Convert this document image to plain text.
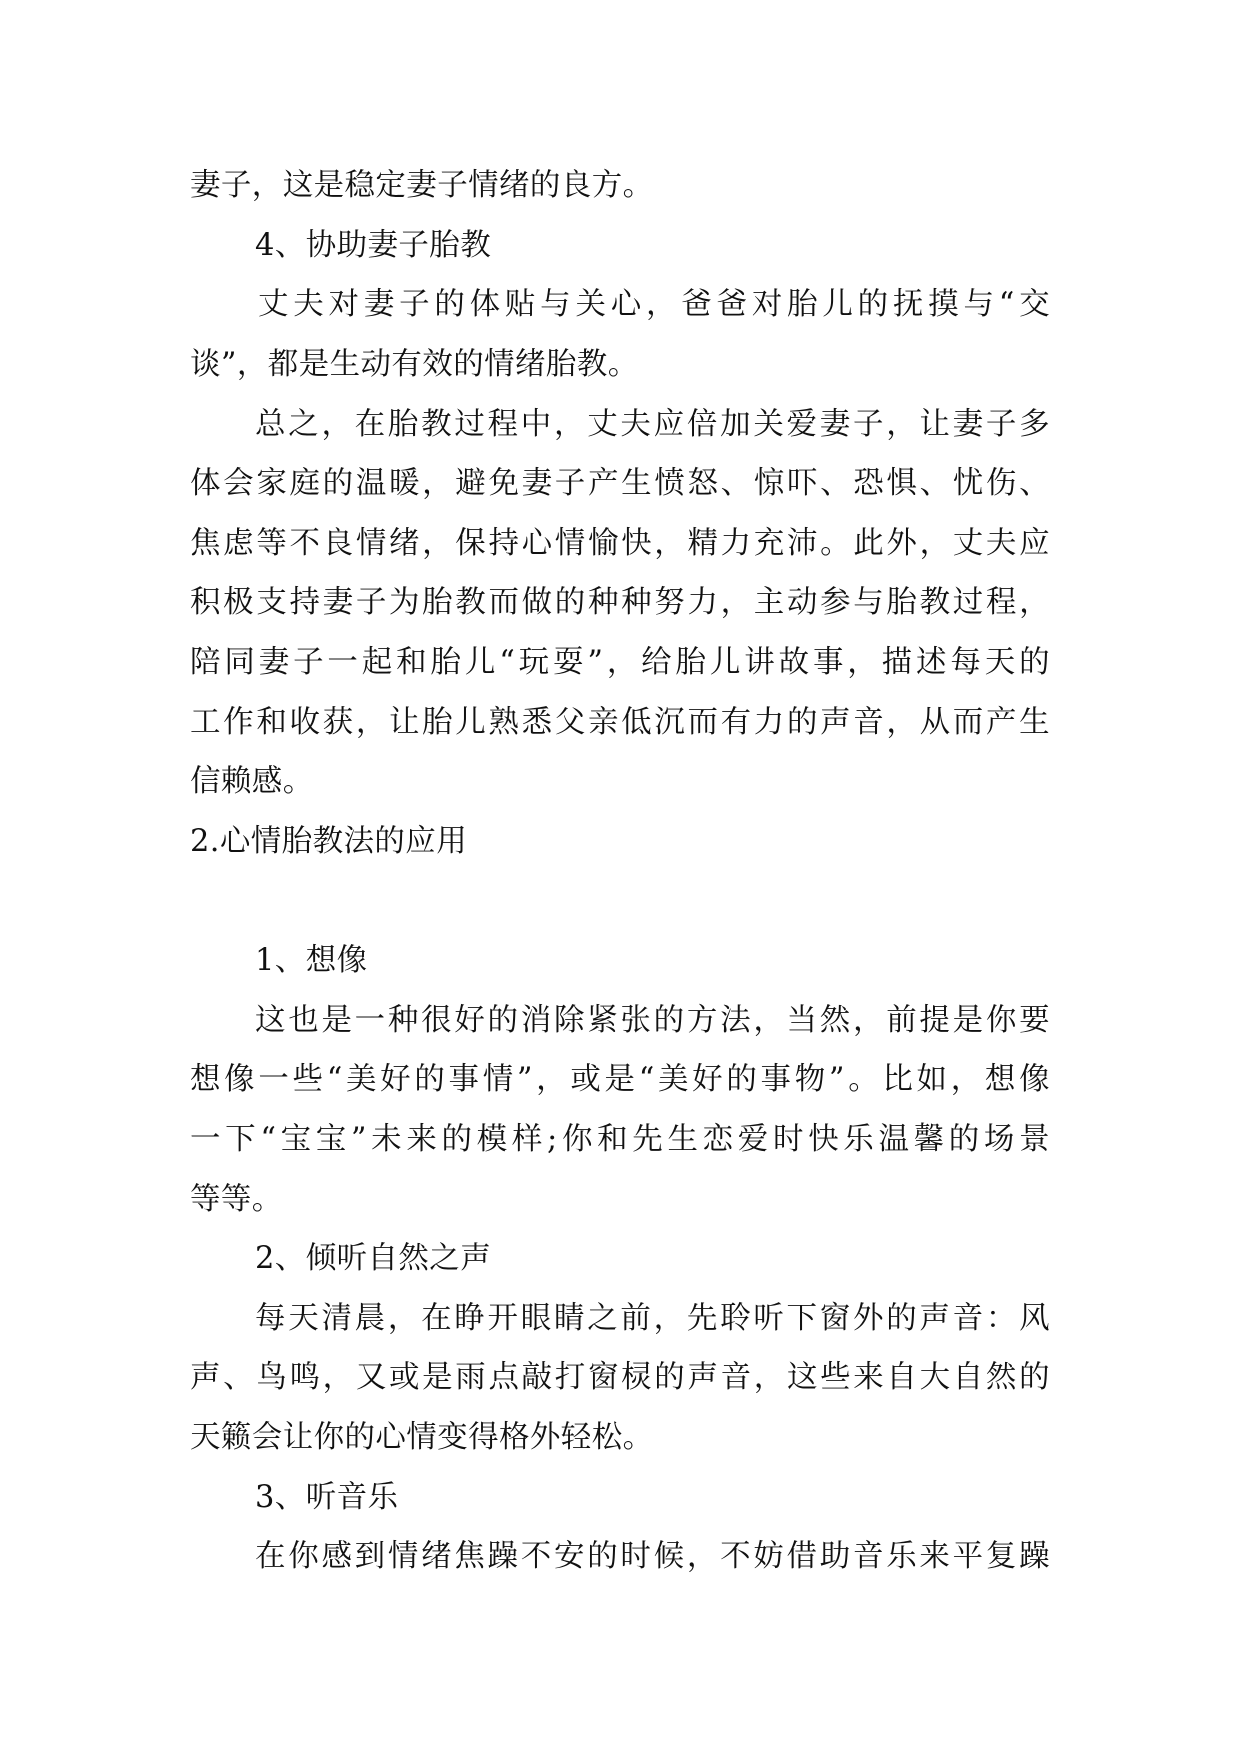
妻子，这是稳定妻子情绪的良方。
4、协助妻子胎教
丈夫对妻子的体贴与关心，爸爸对胎儿的抚摸与“交
谈”，都是生动有效的情绪胎教。
总之，在胎教过程中，丈夫应倍加关爱妻子，让妻子多
体会家庭的温暖，避免妻子产生愤怒、惊吓、恐惧、忧伤、
焦虑等不良情绪，保持心情愉快，精力充沛。此外，丈夫应
积极支持妻子为胎教而做的种种努力，主动参与胎教过程，
陪同妻子一起和胎儿“玩耍”，给胎儿讲故事，描述每天的
工作和收获，让胎儿熟悉父亲低沉而有力的声音，从而产生
信赖感。
2.心情胎教法的应用
1、想像
这也是一种很好的消除紧张的方法，当然，前提是你要
想像一些“美好的事情”，或是“美好的事物”。比如，想像
一下“宝宝”未来的模样;你和先生恋爱时快乐温馨的场景
等等。
2、倾听自然之声
每天清晨，在睁开眼睛之前，先聆听下窗外的声音：风
声、鸟鸣，又或是雨点敲打窗棂的声音，这些来自大自然的
天籁会让你的心情变得格外轻松。
3、听音乐
在你感到情绪焦躁不安的时候，不妨借助音乐来平复躁
